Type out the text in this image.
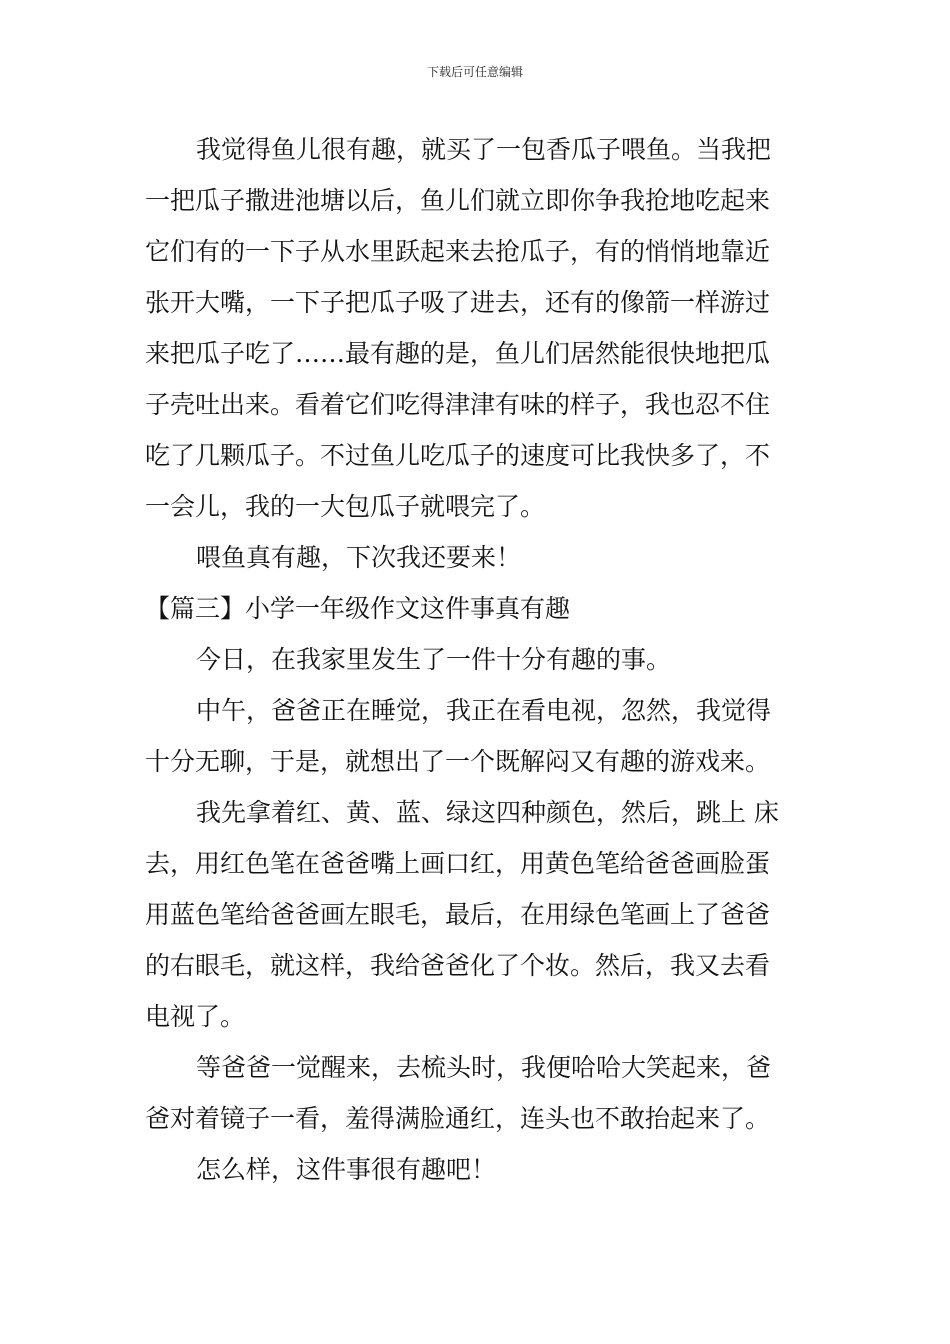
下载后可任意编辑
我觉得鱼儿很有趣，就买了一包香瓜子喂鱼。当我把
一把瓜子撒进池塘以后，鱼儿们就立即你争我抢地吃起来
它们有的一下子从水里跃起来去抢瓜子，有的悄悄地靠近
张开大嘴，一下子把瓜子吸了进去，还有的像箭一样游过
来把瓜子吃了……最有趣的是，鱼儿们居然能很快地把瓜
子壳吐出来。看着它们吃得津津有味的样子，我也忍不住
吃了几颗瓜子。不过鱼儿吃瓜子的速度可比我快多了，不
一会儿，我的一大包瓜子就喂完了。
喂鱼真有趣，下次我还要来！
【篇三】小学一年级作文这件事真有趣
今日，在我家里发生了一件十分有趣的事。
中午，爸爸正在睡觉，我正在看电视，忽然，我觉得
十分无聊，于是，就想出了一个既解闷又有趣的游戏来。
我先拿着红、黄、蓝、绿这四种颜色，然后，跳上 床
去，用红色笔在爸爸嘴上画口红，用黄色笔给爸爸画脸蛋
用蓝色笔给爸爸画左眼毛，最后，在用绿色笔画上了爸爸
的右眼毛，就这样，我给爸爸化了个妆。然后，我又去看
电视了。
等爸爸一觉醒来，去梳头时，我便哈哈大笑起来，爸
爸对着镜子一看，羞得满脸通红，连头也不敢抬起来了。
怎么样，这件事很有趣吧！
